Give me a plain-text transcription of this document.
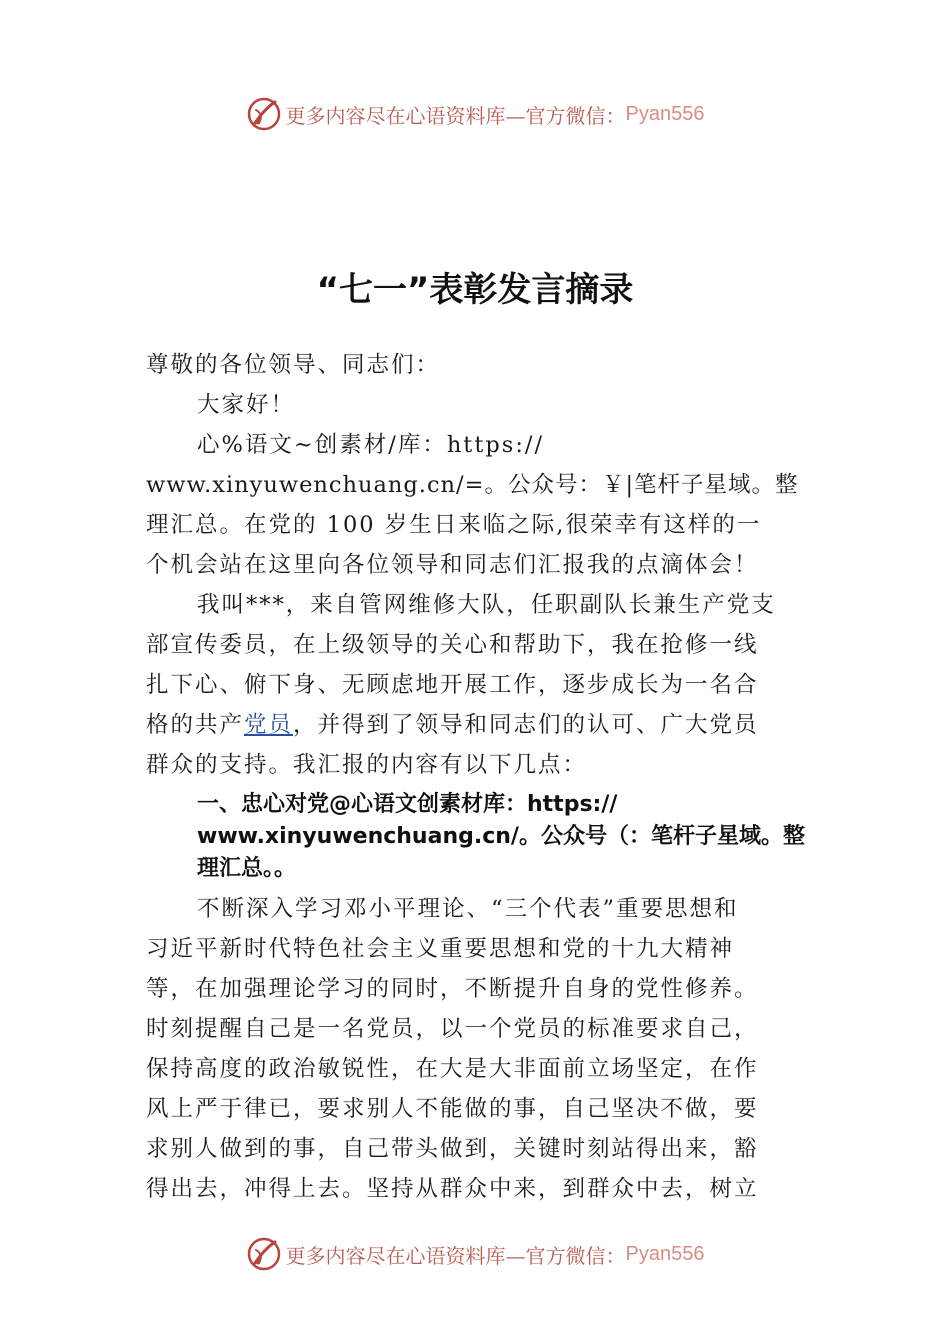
更多内容尽在心语资料库—官方微信： Pyan556
“七一”表彰发言摘录
尊敬的各位领导、同志们：
大家好！
心%语文~创素材/库：https://
www.xinyuwenchuang.cn/=。公众号：￥|笔杆子星域。整
理汇总。在党的 100 岁生日来临之际,很荣幸有这样的一
个机会站在这里向各位领导和同志们汇报我的点滴体会！
我叫***，来自管网维修大队，任职副队长兼生产党支
部宣传委员，在上级领导的关心和帮助下，我在抢修一线
扎下心、俯下身、无顾虑地开展工作，逐步成长为一名合
格的共产党员，并得到了领导和同志们的认可、广大党员
群众的支持。我汇报的内容有以下几点：
一、忠心对党@心语文创素材库：https://
www.xinyuwenchuang.cn/。公众号（：笔杆子星域。整
理汇总。。
不断深入学习邓小平理论、“三个代表”重要思想和
习近平新时代特色社会主义重要思想和党的十九大精神
等，在加强理论学习的同时，不断提升自身的党性修养。
时刻提醒自己是一名党员，以一个党员的标准要求自己，
保持高度的政治敏锐性，在大是大非面前立场坚定，在作
风上严于律已，要求别人不能做的事，自己坚决不做，要
求别人做到的事，自己带头做到，关键时刻站得出来，豁
得出去，冲得上去。坚持从群众中来，到群众中去，树立
更多内容尽在心语资料库—官方微信： Pyan556
